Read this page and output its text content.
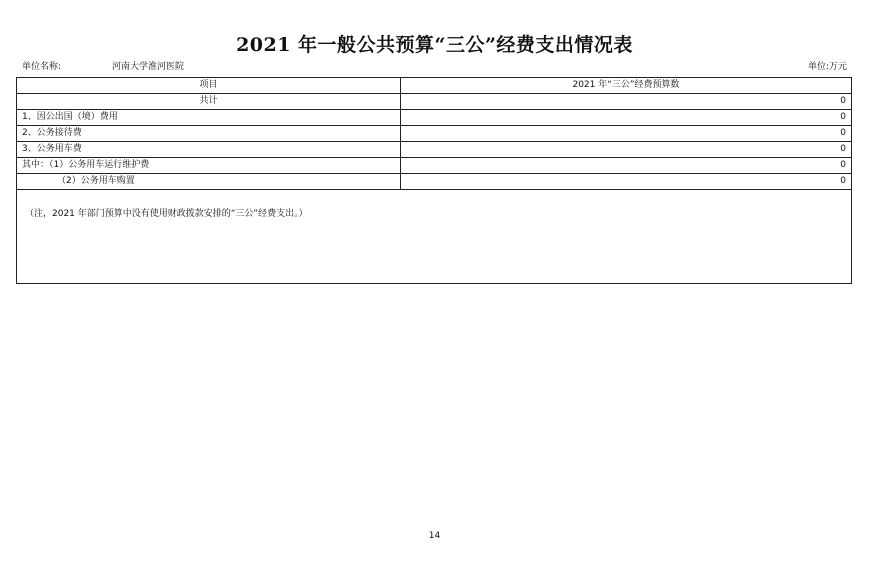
2021 年一般公共预算“三公”经费支出情况表
单位名称:	河南大学淮河医院	单位:万元
项目	2021 年“三公”经费预算数
共计	0
1、因公出国（境）费用	0
2、公务接待费	0
3、公务用车费	0
其中：（1）公务用车运行维护费	0
（2）公务用车购置	0
（注，2021 年部门预算中没有使用财政拨款安排的“三公”经费支出。）	
14
